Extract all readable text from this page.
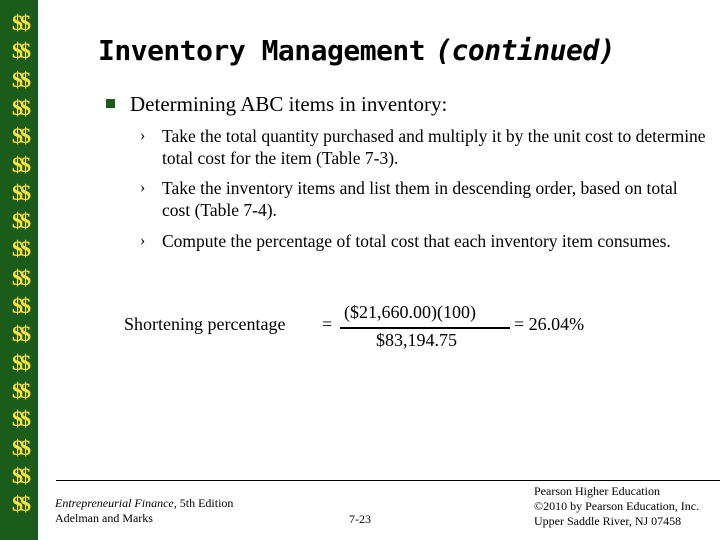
$$
$$
$$
$$
$$
$$
$$
$$
$$
$$
$$
$$
$$
$$
$$
$$
$$
$$
Inventory Management (continued)
Determining ABC items in inventory:
› Take the total quantity purchased and multiply it by the unit cost to determine total cost for the item (Table 7-3).
› Take the inventory items and list them in descending order, based on total cost (Table 7-4).
› Compute the percentage of total cost that each inventory item consumes.
Shortening percentage =
($21,660.00)(100)
$83,194.75
= 26.04%
Entrepreneurial Finance, 5th Edition
Adelman and Marks	7-23
Pearson Higher Education
©2010 by Pearson Education, Inc.
Upper Saddle River, NJ 07458
